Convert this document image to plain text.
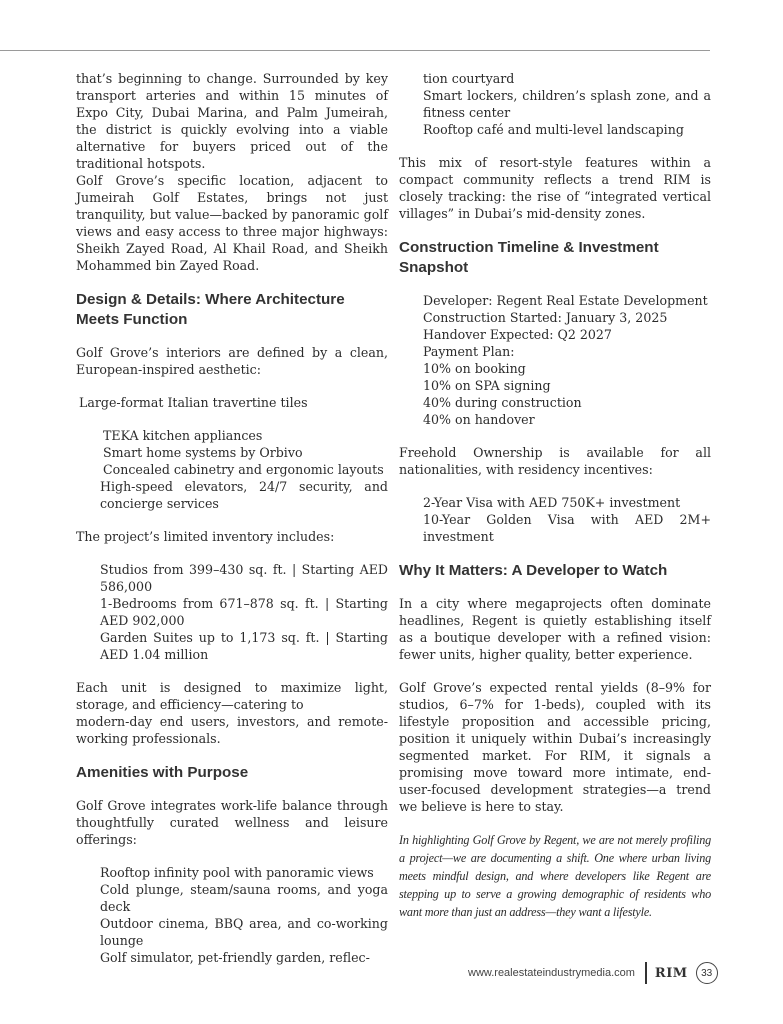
that’s beginning to change. Surrounded by key transport arteries and within 15 minutes of Expo City, Dubai Marina, and Palm Jumeirah, the district is quickly evolving into a viable alternative for buyers priced out of the traditional hotspots.
Golf Grove’s specific location, adjacent to Jumeirah Golf Estates, brings not just tranquility, but value—backed by panoramic golf views and easy access to three major highways: Sheikh Zayed Road, Al Khail Road, and Sheikh Mohammed bin Zayed Road.
Design & Details: Where Architecture Meets Function
Golf Grove’s interiors are defined by a clean, European-inspired aesthetic:
Large-format Italian travertine tiles
TEKA kitchen appliances
Smart home systems by Orbivo
Concealed cabinetry and ergonomic layouts
High-speed elevators, 24/7 security, and concierge services
The project’s limited inventory includes:
Studios from 399–430 sq. ft. | Starting AED 586,000
1-Bedrooms from 671–878 sq. ft. | Starting AED 902,000
Garden Suites up to 1,173 sq. ft. | Starting AED 1.04 million
Each unit is designed to maximize light, storage, and efficiency—catering to
modern-day end users, investors, and remote-working professionals.
Amenities with Purpose
Golf Grove integrates work-life balance through thoughtfully curated wellness and leisure offerings:
Rooftop infinity pool with panoramic views
Cold plunge, steam/sauna rooms, and yoga deck
Outdoor cinema, BBQ area, and co-working lounge
Golf simulator, pet-friendly garden, reflec-
tion courtyard
Smart lockers, children’s splash zone, and a fitness center
Rooftop café and multi-level landscaping
This mix of resort-style features within a compact community reflects a trend RIM is closely tracking: the rise of “integrated vertical villages” in Dubai’s mid-density zones.
Construction Timeline & Investment Snapshot
Developer: Regent Real Estate Development
Construction Started: January 3, 2025
Handover Expected: Q2 2027
Payment Plan:
10% on booking
10% on SPA signing
40% during construction
40% on handover
Freehold Ownership is available for all nationalities, with residency incentives:
2-Year Visa with AED 750K+ investment
10-Year Golden Visa with AED 2M+ investment
Why It Matters: A Developer to Watch
In a city where megaprojects often dominate headlines, Regent is quietly establishing itself as a boutique developer with a refined vision: fewer units, higher quality, better experience.
Golf Grove’s expected rental yields (8–9% for studios, 6–7% for 1-beds), coupled with its lifestyle proposition and accessible pricing, position it uniquely within Dubai’s increasingly segmented market. For RIM, it signals a promising move toward more intimate, end-user-focused development strategies—a trend we believe is here to stay.
In highlighting Golf Grove by Regent, we are not merely profiling a project—we are documenting a shift. One where urban living meets mindful design, and where developers like Regent are stepping up to serve a growing demographic of residents who want more than just an address—they want a lifestyle.
www.realestateindustrymedia.com RIM	33
